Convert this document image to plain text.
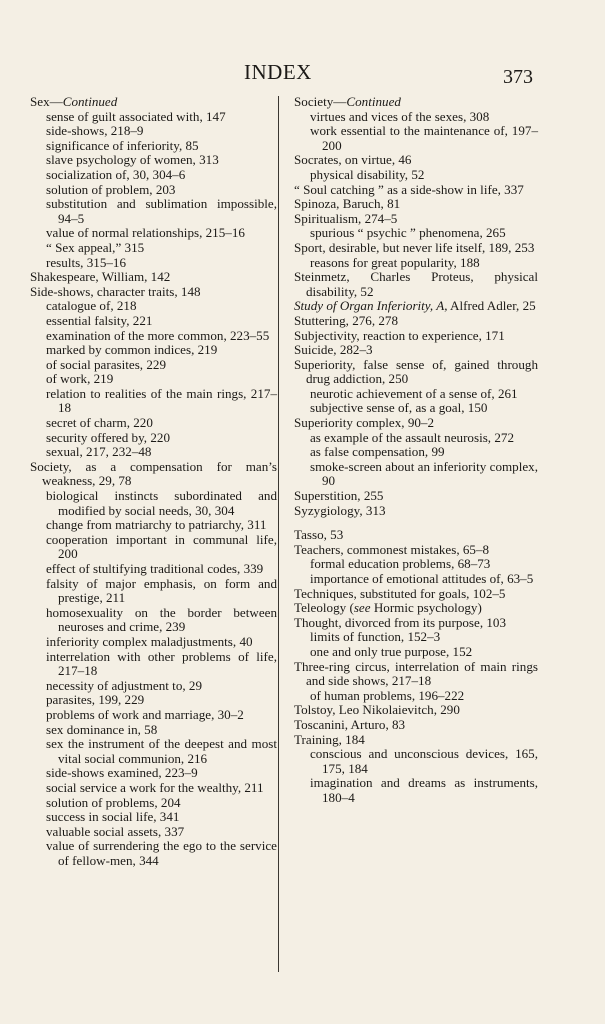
INDEX	373

Sex—Continued

sense of guilt associated with, 147

side-shows, 218–9

significance of inferiority, 85

slave psychology of women, 313

socialization of, 30, 304–6

solution of problem, 203

substitution and sublimation impossible, 94–5

value of normal relationships, 215–16

“ Sex appeal,” 315

results, 315–16

Shakespeare, William, 142

Side-shows, character traits, 148

catalogue of, 218

essential falsity, 221

examination of the more common, 223–55

marked by common indices, 219

of social parasites, 229

of work, 219

relation to realities of the main rings, 217–18

secret of charm, 220

security offered by, 220

sexual, 217, 232–48

Society, as a compensation for man’s weakness, 29, 78

biological instincts subordinated and modified by social needs, 30, 304

change from matriarchy to patriarchy, 311

cooperation important in communal life, 200

effect of stultifying traditional codes, 339

falsity of major emphasis, on form and prestige, 211

homosexuality on the border between neuroses and crime, 239

inferiority complex maladjustments, 40

interrelation with other problems of life, 217–18

necessity of adjustment to, 29

parasites, 199, 229

problems of work and marriage, 30–2

sex dominance in, 58

sex the instrument of the deepest and most vital social communion, 216

side-shows examined, 223–9

social service a work for the wealthy, 211

solution of problems, 204

success in social life, 341

valuable social assets, 337

value of surrendering the ego to the service of fellow-men, 344

Society—Continued

virtues and vices of the sexes, 308

work essential to the maintenance of, 197–200

Socrates, on virtue, 46

physical disability, 52

“ Soul catching ” as a side-show in life, 337

Spinoza, Baruch, 81

Spiritualism, 274–5

spurious “ psychic ” phenomena, 265

Sport, desirable, but never life itself, 189, 253

reasons for great popularity, 188

Steinmetz, Charles Proteus, physical disability, 52

Study of Organ Inferiority, A, Alfred Adler, 25

Stuttering, 276, 278

Subjectivity, reaction to experience, 171

Suicide, 282–3

Superiority, false sense of, gained through drug addiction, 250

neurotic achievement of a sense of, 261

subjective sense of, as a goal, 150

Superiority complex, 90–2

as example of the assault neurosis, 272

as false compensation, 99

smoke-screen about an inferiority complex, 90

Superstition, 255

Syzygiology, 313

Tasso, 53

Teachers, commonest mistakes, 65–8

formal education problems, 68–73

importance of emotional attitudes of, 63–5

Techniques, substituted for goals, 102–5

Teleology (see Hormic psychology)

Thought, divorced from its purpose, 103

limits of function, 152–3

one and only true purpose, 152

Three-ring circus, interrelation of main rings and side shows, 217–18

of human problems, 196–222

Tolstoy, Leo Nikolaievitch, 290

Toscanini, Arturo, 83

Training, 184

conscious and unconscious devices, 165, 175, 184

imagination and dreams as instruments, 180–4
